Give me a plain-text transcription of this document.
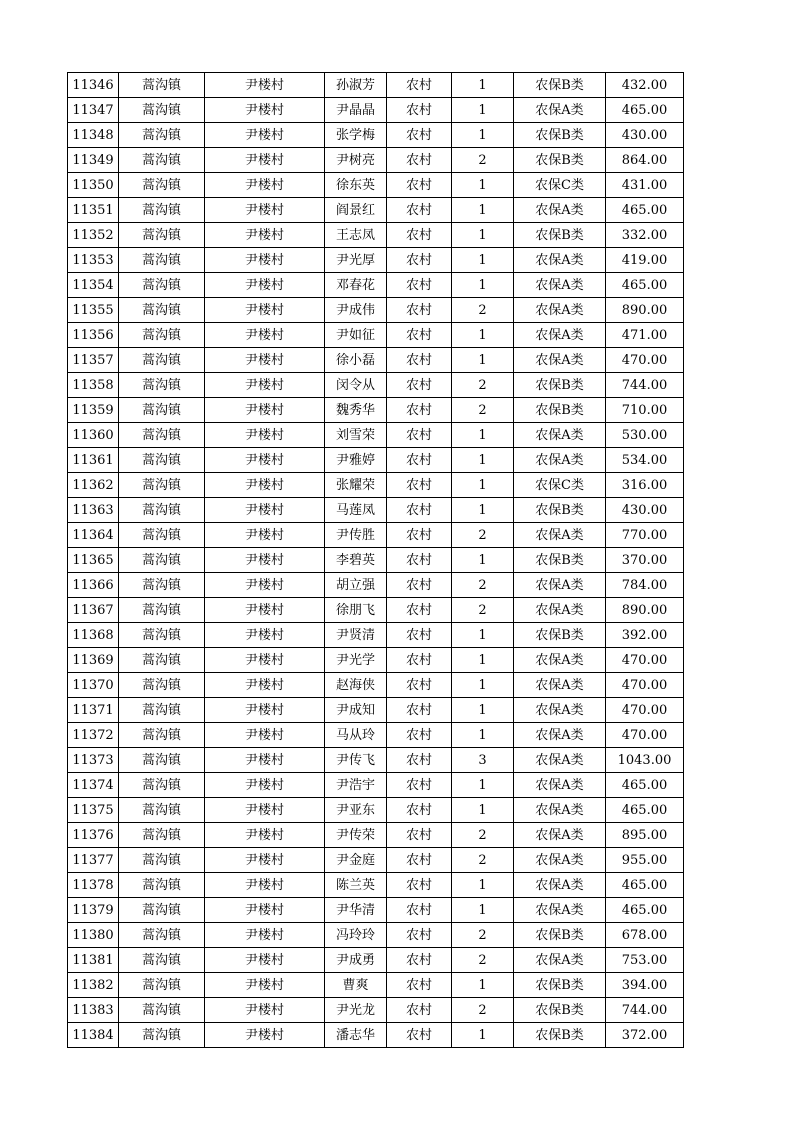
11346	蒿沟镇	尹楼村	孙淑芳	农村	1	农保B类	432.00
11347	蒿沟镇	尹楼村	尹晶晶	农村	1	农保A类	465.00
11348	蒿沟镇	尹楼村	张学梅	农村	1	农保B类	430.00
11349	蒿沟镇	尹楼村	尹树亮	农村	2	农保B类	864.00
11350	蒿沟镇	尹楼村	徐东英	农村	1	农保C类	431.00
11351	蒿沟镇	尹楼村	阎景红	农村	1	农保A类	465.00
11352	蒿沟镇	尹楼村	王志凤	农村	1	农保B类	332.00
11353	蒿沟镇	尹楼村	尹光厚	农村	1	农保A类	419.00
11354	蒿沟镇	尹楼村	邓春花	农村	1	农保A类	465.00
11355	蒿沟镇	尹楼村	尹成伟	农村	2	农保A类	890.00
11356	蒿沟镇	尹楼村	尹如征	农村	1	农保A类	471.00
11357	蒿沟镇	尹楼村	徐小磊	农村	1	农保A类	470.00
11358	蒿沟镇	尹楼村	闵令从	农村	2	农保B类	744.00
11359	蒿沟镇	尹楼村	魏秀华	农村	2	农保B类	710.00
11360	蒿沟镇	尹楼村	刘雪荣	农村	1	农保A类	530.00
11361	蒿沟镇	尹楼村	尹雅婷	农村	1	农保A类	534.00
11362	蒿沟镇	尹楼村	张耀荣	农村	1	农保C类	316.00
11363	蒿沟镇	尹楼村	马莲凤	农村	1	农保B类	430.00
11364	蒿沟镇	尹楼村	尹传胜	农村	2	农保A类	770.00
11365	蒿沟镇	尹楼村	李碧英	农村	1	农保B类	370.00
11366	蒿沟镇	尹楼村	胡立强	农村	2	农保A类	784.00
11367	蒿沟镇	尹楼村	徐朋飞	农村	2	农保A类	890.00
11368	蒿沟镇	尹楼村	尹贤清	农村	1	农保B类	392.00
11369	蒿沟镇	尹楼村	尹光学	农村	1	农保A类	470.00
11370	蒿沟镇	尹楼村	赵海侠	农村	1	农保A类	470.00
11371	蒿沟镇	尹楼村	尹成知	农村	1	农保A类	470.00
11372	蒿沟镇	尹楼村	马从玲	农村	1	农保A类	470.00
11373	蒿沟镇	尹楼村	尹传飞	农村	3	农保A类	1043.00
11374	蒿沟镇	尹楼村	尹浩宇	农村	1	农保A类	465.00
11375	蒿沟镇	尹楼村	尹亚东	农村	1	农保A类	465.00
11376	蒿沟镇	尹楼村	尹传荣	农村	2	农保A类	895.00
11377	蒿沟镇	尹楼村	尹金庭	农村	2	农保A类	955.00
11378	蒿沟镇	尹楼村	陈兰英	农村	1	农保A类	465.00
11379	蒿沟镇	尹楼村	尹华清	农村	1	农保A类	465.00
11380	蒿沟镇	尹楼村	冯玲玲	农村	2	农保B类	678.00
11381	蒿沟镇	尹楼村	尹成勇	农村	2	农保A类	753.00
11382	蒿沟镇	尹楼村	曹爽	农村	1	农保B类	394.00
11383	蒿沟镇	尹楼村	尹光龙	农村	2	农保B类	744.00
11384	蒿沟镇	尹楼村	潘志华	农村	1	农保B类	372.00
